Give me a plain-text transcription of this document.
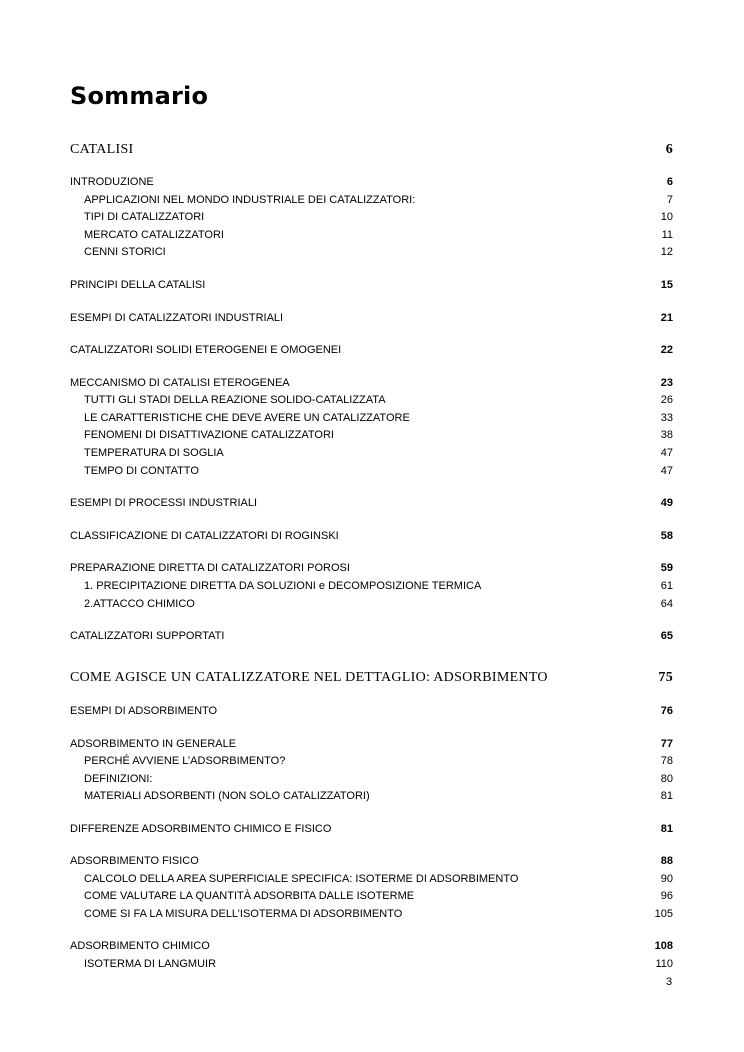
Sommario
CATALISI	6
INTRODUZIONE	6
APPLICAZIONI NEL MONDO INDUSTRIALE DEI CATALIZZATORI:	7
TIPI DI CATALIZZATORI	10
MERCATO CATALIZZATORI	11
CENNI STORICI	12
PRINCIPI DELLA CATALISI	15
ESEMPI DI CATALIZZATORI INDUSTRIALI	21
CATALIZZATORI SOLIDI ETEROGENEI E OMOGENEI	22
MECCANISMO DI CATALISI ETEROGENEA	23
TUTTI GLI STADI DELLA REAZIONE SOLIDO-CATALIZZATA	26
LE CARATTERISTICHE CHE DEVE AVERE UN CATALIZZATORE	33
FENOMENI DI DISATTIVAZIONE CATALIZZATORI	38
TEMPERATURA DI SOGLIA	47
TEMPO DI CONTATTO	47
ESEMPI DI PROCESSI INDUSTRIALI	49
CLASSIFICAZIONE DI CATALIZZATORI DI ROGINSKI	58
PREPARAZIONE DIRETTA DI CATALIZZATORI POROSI	59
1. PRECIPITAZIONE DIRETTA DA SOLUZIONI e DECOMPOSIZIONE TERMICA	61
2.ATTACCO CHIMICO	64
CATALIZZATORI SUPPORTATI	65
COME AGISCE UN CATALIZZATORE NEL DETTAGLIO: ADSORBIMENTO	75
ESEMPI DI ADSORBIMENTO	76
ADSORBIMENTO IN GENERALE	77
PERCHÉ AVVIENE L’ADSORBIMENTO?	78
DEFINIZIONI:	80
MATERIALI ADSORBENTI (NON SOLO CATALIZZATORI)	81
DIFFERENZE ADSORBIMENTO CHIMICO E FISICO	81
ADSORBIMENTO FISICO	88
CALCOLO DELLA AREA SUPERFICIALE SPECIFICA: ISOTERME DI ADSORBIMENTO	90
COME VALUTARE LA QUANTITÀ ADSORBITA DALLE ISOTERME	96
COME SI FA LA MISURA DELL’ISOTERMA DI ADSORBIMENTO	105
ADSORBIMENTO CHIMICO	108
ISOTERMA DI LANGMUIR	110
3
